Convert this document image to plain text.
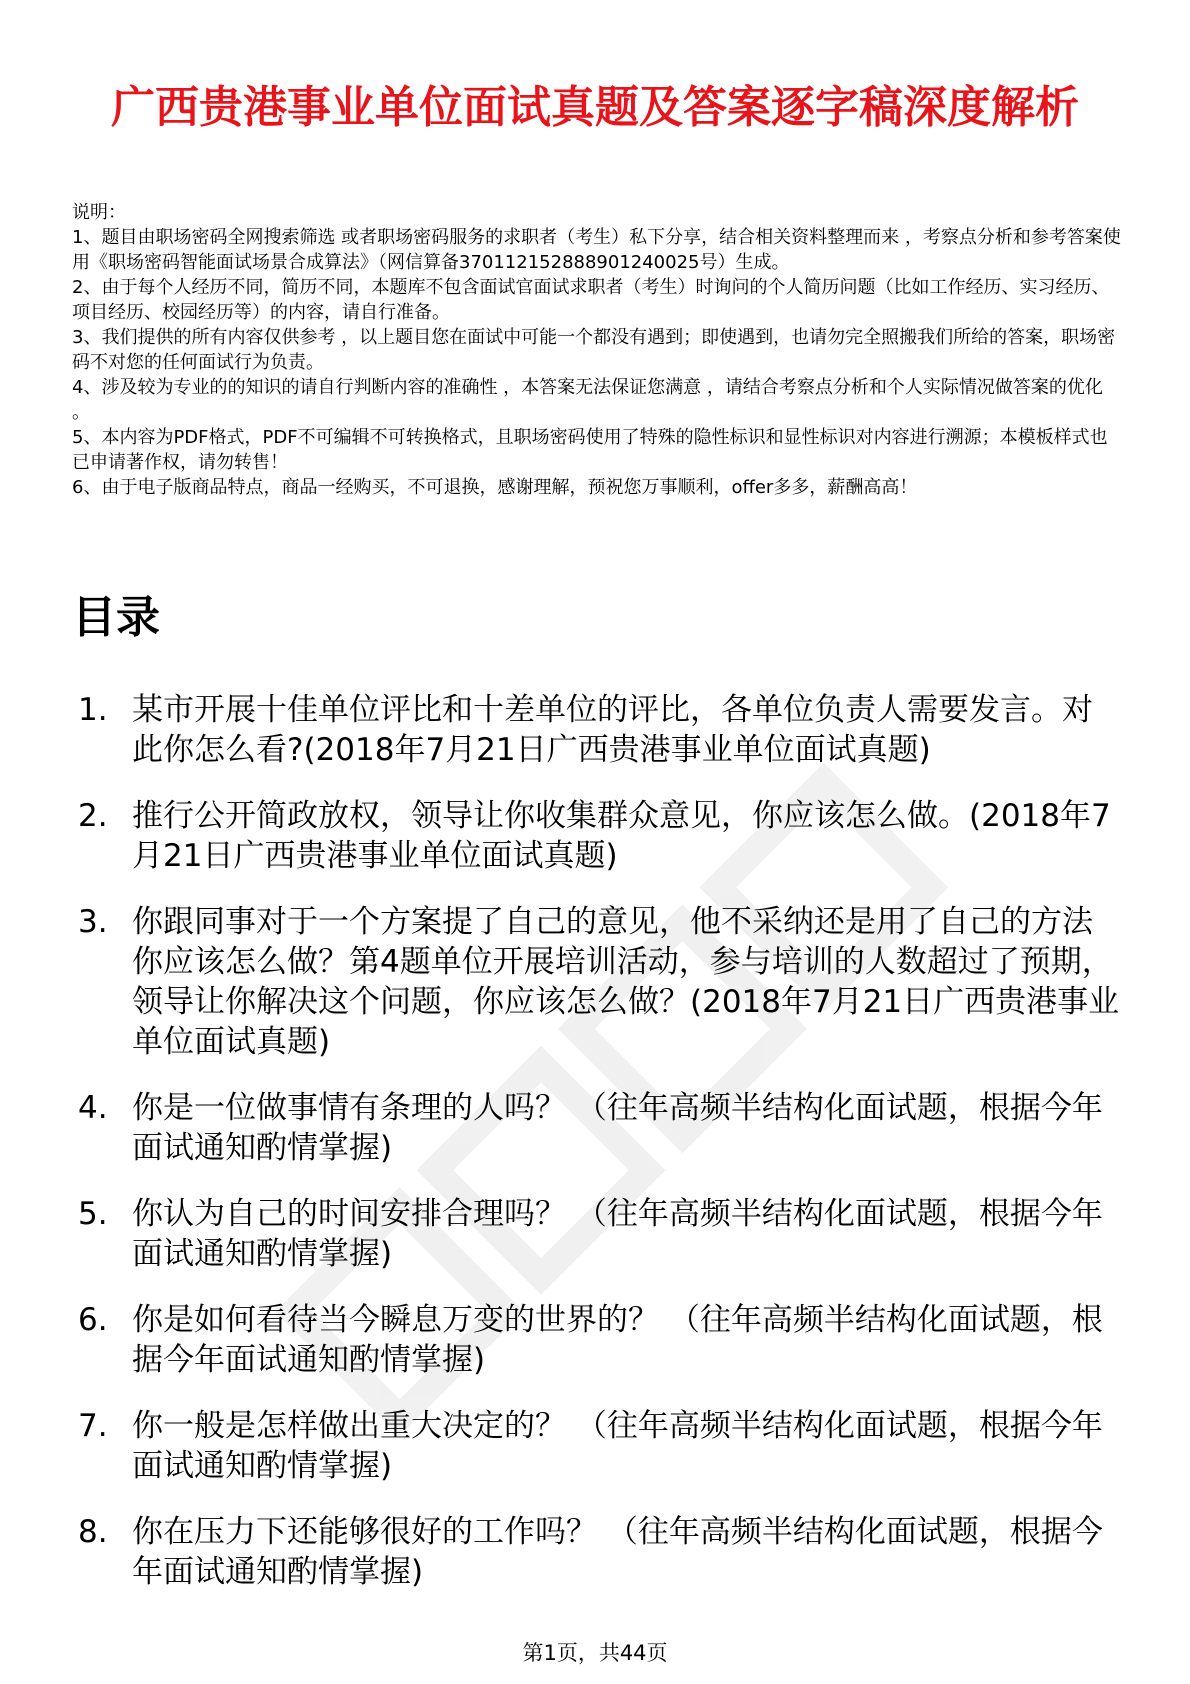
广西贵港事业单位面试真题及答案逐字稿深度解析

说明：

1、题目由职场密码全网搜索筛选 或者职场密码服务的求职者（考生）私下分享，结合相关资料整理而来 ，考察点分析和参考答案使用《职场密码智能面试场景合成算法》（网信算备370112152888901240025号）生成。

2、由于每个人经历不同，简历不同，本题库不包含面试官面试求职者（考生）时询问的个人简历问题（比如工作经历、实习经历、项目经历、校园经历等）的内容，请自行准备。

3、我们提供的所有内容仅供参考 ，以上题目您在面试中可能一个都没有遇到；即使遇到，也请勿完全照搬我们所给的答案，职场密码不对您的任何面试行为负责。

4、涉及较为专业的的知识的请自行判断内容的准确性 ，本答案无法保证您满意 ，请结合考察点分析和个人实际情况做答案的优化 。

5、本内容为PDF格式，PDF不可编辑不可转换格式，且职场密码使用了特殊的隐性标识和显性标识对内容进行溯源；本模板样式也已申请著作权，请勿转售！

6、由于电子版商品特点，商品一经购买，不可退换，感谢理解，预祝您万事顺利，offer多多，薪酬高高！

目录
1. 某市开展十佳单位评比和十差单位的评比，各单位负责人需要发言。对此你怎么看?(2018年7月21日广西贵港事业单位面试真题)
2. 推行公开简政放权，领导让你收集群众意见，你应该怎么做。(2018年7月21日广西贵港事业单位面试真题)
3. 你跟同事对于一个方案提了自己的意见，他不采纳还是用了自己的方法你应该怎么做？第4题单位开展培训活动，参与培训的人数超过了预期，领导让你解决这个问题，你应该怎么做？(2018年7月21日广西贵港事业单位面试真题)
4. 你是一位做事情有条理的人吗？ （往年高频半结构化面试题，根据今年面试通知酌情掌握)
5. 你认为自己的时间安排合理吗？ （往年高频半结构化面试题，根据今年面试通知酌情掌握)
6. 你是如何看待当今瞬息万变的世界的？ （往年高频半结构化面试题，根据今年面试通知酌情掌握)
7. 你一般是怎样做出重大决定的？ （往年高频半结构化面试题，根据今年面试通知酌情掌握)
8. 你在压力下还能够很好的工作吗？ （往年高频半结构化面试题，根据今年面试通知酌情掌握)
第1页，共44页
